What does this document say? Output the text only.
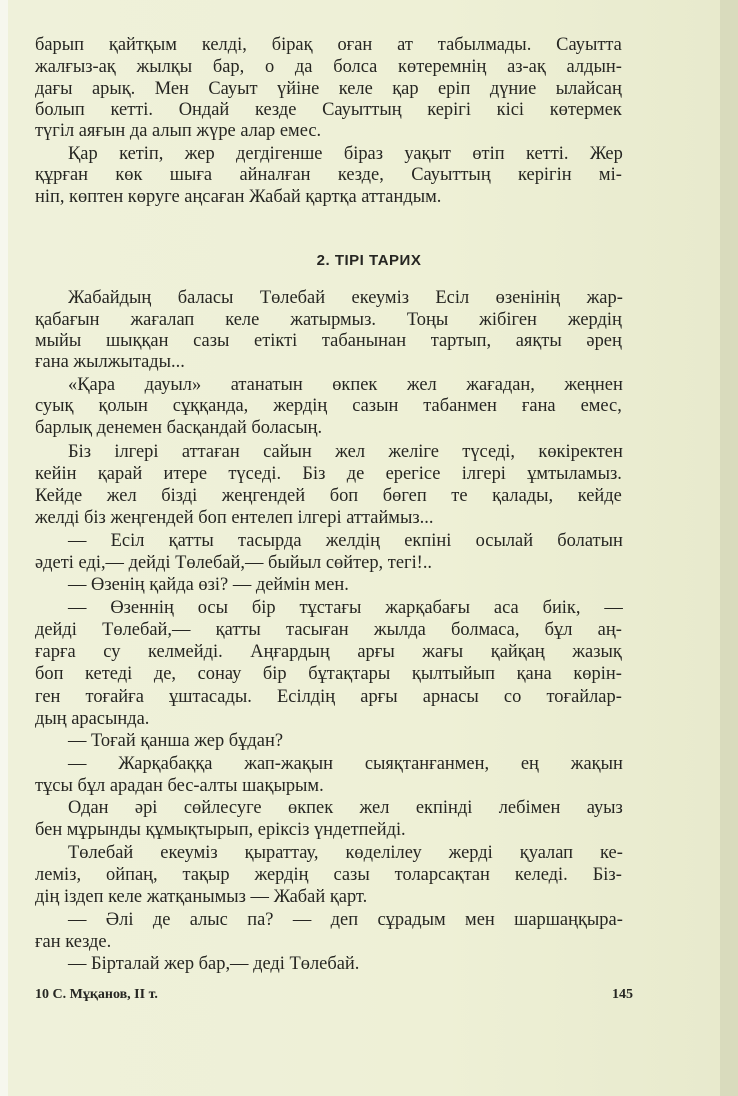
барып қайтқым келді, бірақ оған ат табылмады. Сауытта
жалғыз-ақ жылқы бар, о да болса көтеремнің аз-ақ алдын-
дағы арық. Мен Сауыт үйіне келе қар еріп дүние ылайсаң
болып кетті. Ондай кезде Сауыттың керігі кісі көтермек
түгіл аяғын да алып жүре алар емес.
Қар кетіп, жер дегдігенше біраз уақыт өтіп кетті. Жер
құрған көк шыға айналған кезде, Сауыттың керігін мі-
ніп, көптен көруге аңсаған Жабай қартқа аттандым.
Жабайдың баласы Төлебай екеуміз Есіл өзенінің жар-
қабағын жағалап келе жатырмыз. Тоңы жібіген жердің
мыйы шыққан сазы етікті табанынан тартып, аяқты әрең
ғана жылжытады...
«Қара дауыл» атанатын өкпек жел жағадан, жеңнен
суық қолын сұққанда, жердің сазын табанмен ғана емес,
барлық денемен басқандай боласың.
Біз ілгері аттаған сайын жел желіге түседі, көкіректен
кейін қарай итере түседі. Біз де ерегісе ілгері ұмтыламыз.
Кейде жел бізді жеңгендей боп бөгеп те қалады, кейде
желді біз жеңгендей боп ентелеп ілгері аттаймыз...
— Есіл қатты тасырда желдің екпіні осылай болатын
әдеті еді,— дейді Төлебай,— быйыл сөйтер, тегі!..
— Өзенің қайда өзі? — деймін мен.
— Өзеннің осы бір тұстағы жарқабағы аса биік, —
дейді Төлебай,— қатты тасыған жылда болмаса, бұл аң-
ғарға су келмейді. Аңғардың арғы жағы қайқаң жазық
боп кетеді де, сонау бір бұтақтары қылтыйып қана көрін-
ген тоғайға ұштасады. Есілдің арғы арнасы со тоғайлар-
дың арасында.
— Тоғай қанша жер бұдан?
— Жарқабаққа жап-жақын сыяқтанғанмен, ең жақын
тұсы бұл арадан бес-алты шақырым.
Одан әрі сөйлесуге өкпек жел екпінді лебімен ауыз
бен мұрынды құмықтырып, еріксіз үндетпейді.
Төлебай екеуміз қыраттау, көделілеу жерді қуалап ке-
леміз, ойпаң, тақыр жердің сазы толарсақтан келеді. Біз-
дің іздеп келе жатқанымыз — Жабай қарт.
— Әлі де алыс па? — деп сұрадым мен шаршаңқыра-
ған кезде.
— Бірталай жер бар,— деді Төлебай.
2. ТІРІ ТАРИХ
10 С. Мұқанов, II т.	145
